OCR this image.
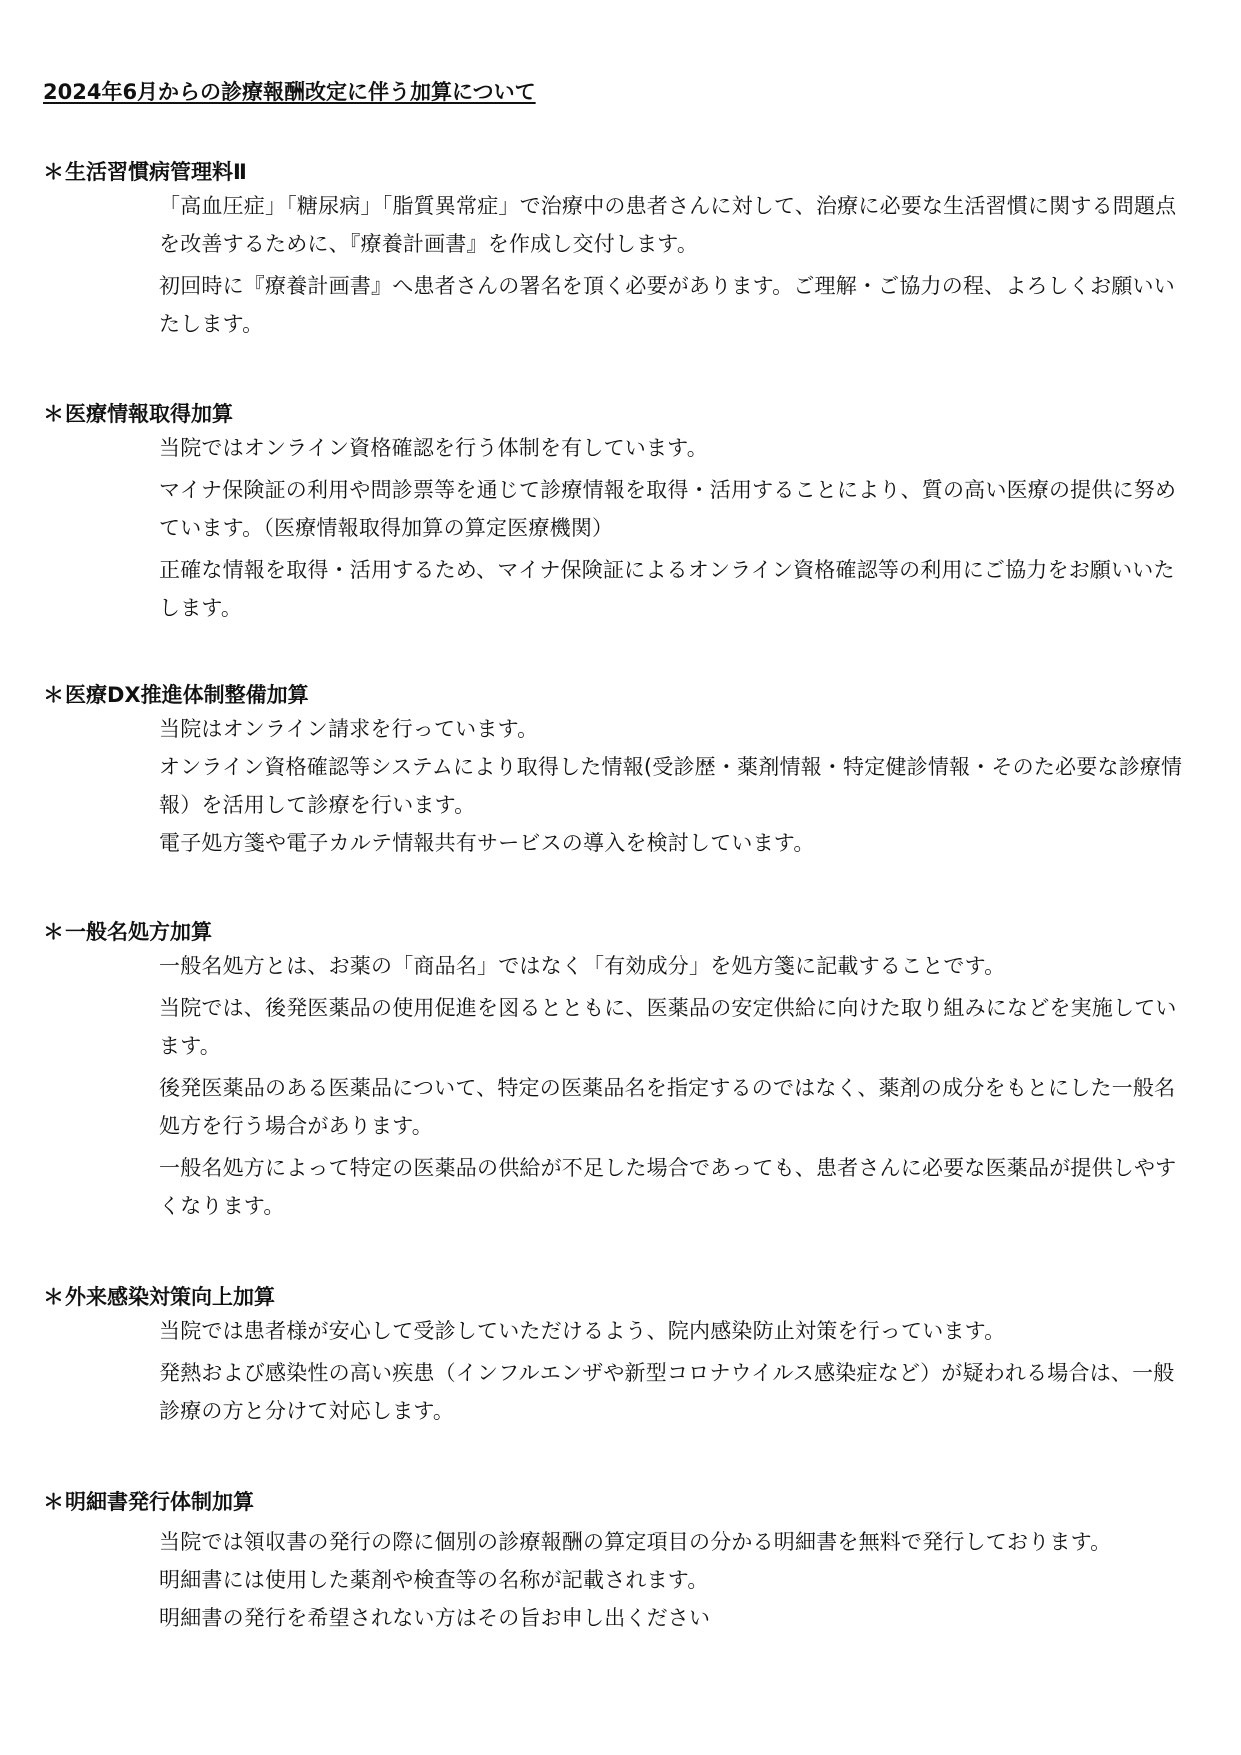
2024年6月からの診療報酬改定に伴う加算について
＊生活習慣病管理料Ⅱ

「高血圧症」「糖尿病」「脂質異常症」で治療中の患者さんに対して、治療に必要な生活習慣に関する問題点を改善するために、『療養計画書』を作成し交付します。

初回時に『療養計画書』へ患者さんの署名を頂く必要があります。ご理解・ご協力の程、よろしくお願いいたします。

＊医療情報取得加算

当院ではオンライン資格確認を行う体制を有しています。

マイナ保険証の利用や問診票等を通じて診療情報を取得・活用することにより、質の高い医療の提供に努めています。（医療情報取得加算の算定医療機関）

正確な情報を取得・活用するため、マイナ保険証によるオンライン資格確認等の利用にご協力をお願いいたします。

＊医療DX推進体制整備加算

当院はオンライン請求を行っています。

オンライン資格確認等システムにより取得した情報(受診歴・薬剤情報・特定健診情報・そのた必要な診療情報）を活用して診療を行います。

電子処方箋や電子カルテ情報共有サービスの導入を検討しています。

＊一般名処方加算

一般名処方とは、お薬の「商品名」ではなく「有効成分」を処方箋に記載することです。

当院では、後発医薬品の使用促進を図るとともに、医薬品の安定供給に向けた取り組みになどを実施しています。

後発医薬品のある医薬品について、特定の医薬品名を指定するのではなく、薬剤の成分をもとにした一般名処方を行う場合があります。

一般名処方によって特定の医薬品の供給が不足した場合であっても、患者さんに必要な医薬品が提供しやすくなります。

＊外来感染対策向上加算

当院では患者様が安心して受診していただけるよう、院内感染防止対策を行っています。

発熱および感染性の高い疾患（インフルエンザや新型コロナウイルス感染症など）が疑われる場合は、一般診療の方と分けて対応します。

＊明細書発行体制加算

当院では領収書の発行の際に個別の診療報酬の算定項目の分かる明細書を無料で発行しております。

明細書には使用した薬剤や検査等の名称が記載されます。

明細書の発行を希望されない方はその旨お申し出ください
